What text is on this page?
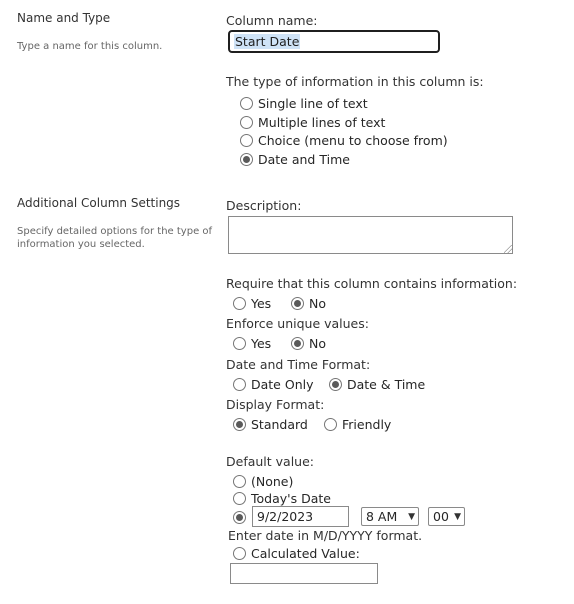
Name and Type
Type a name for this column.
Additional Column Settings
Specify detailed options for the type of
information you selected.
Column name:
Start Date
The type of information in this column is:
Single line of text
Multiple lines of text
Choice (menu to choose from)
Date and Time
Description:
Require that this column contains information:
Yes	No
Enforce unique values:
Yes	No
Date and Time Format:
Date Only	Date & Time
Display Format:
Standard	Friendly
Default value:
(None)
Today's Date
9/2/2023	8 AM ▼ 00 ▼
Enter date in M/D/YYYY format.
Calculated Value:
